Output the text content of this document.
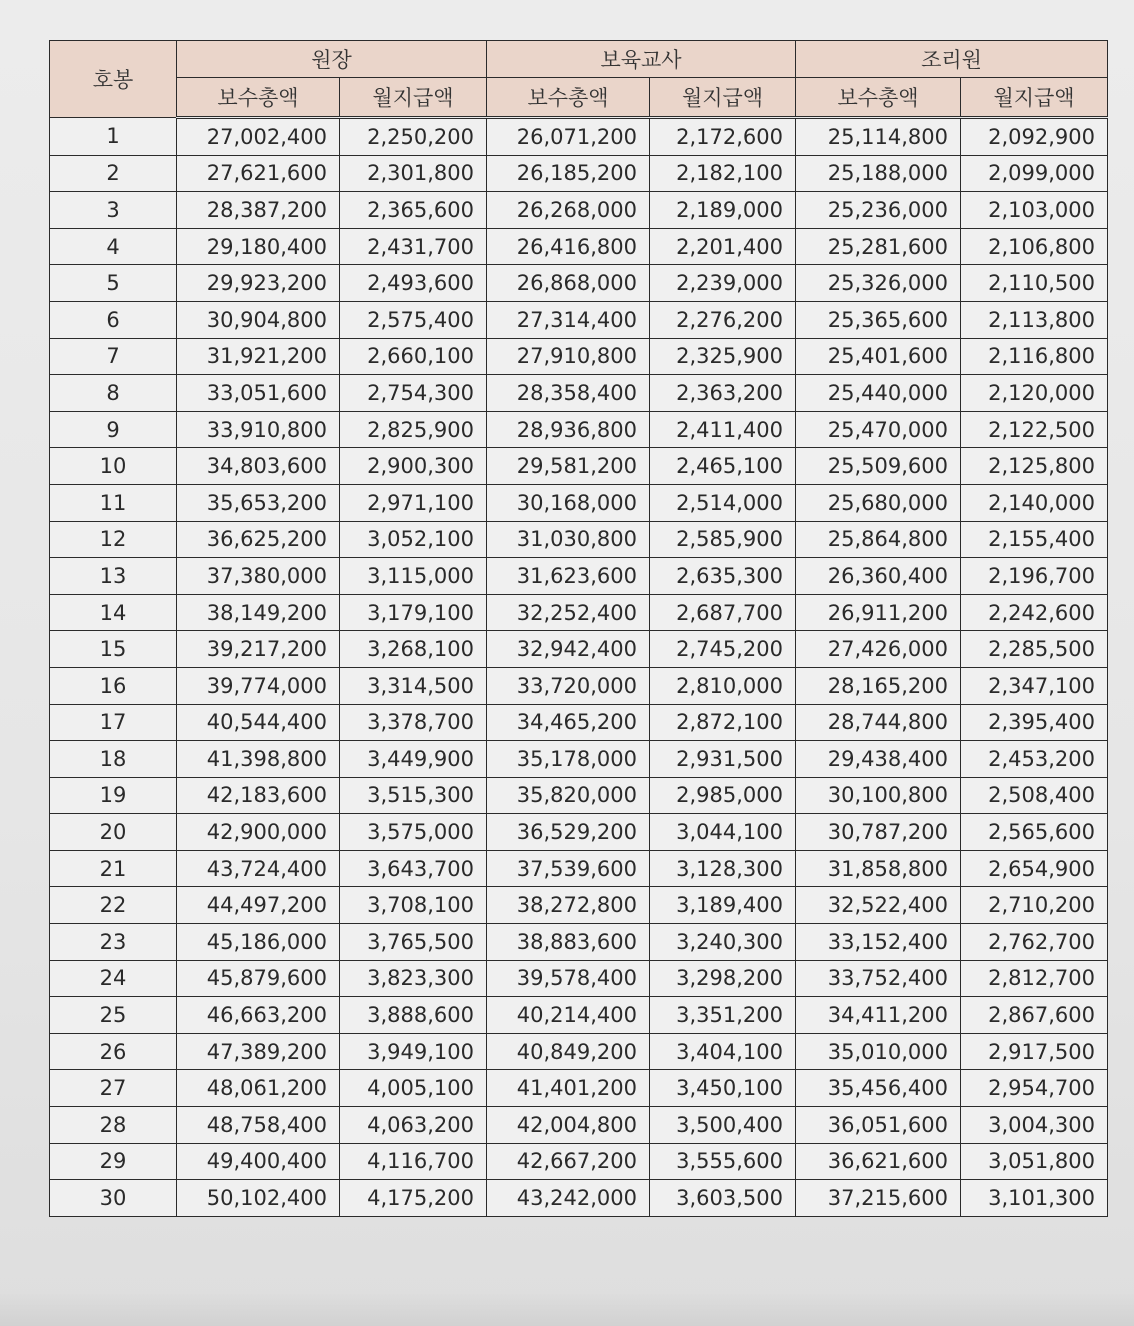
호봉	원장		보육교사		조리원	
	보수총액	월지급액	보수총액	월지급액	보수총액	월지급액
1	27,002,400	2,250,200	26,071,200	2,172,600	25,114,800	2,092,900
2	27,621,600	2,301,800	26,185,200	2,182,100	25,188,000	2,099,000
3	28,387,200	2,365,600	26,268,000	2,189,000	25,236,000	2,103,000
4	29,180,400	2,431,700	26,416,800	2,201,400	25,281,600	2,106,800
5	29,923,200	2,493,600	26,868,000	2,239,000	25,326,000	2,110,500
6	30,904,800	2,575,400	27,314,400	2,276,200	25,365,600	2,113,800
7	31,921,200	2,660,100	27,910,800	2,325,900	25,401,600	2,116,800
8	33,051,600	2,754,300	28,358,400	2,363,200	25,440,000	2,120,000
9	33,910,800	2,825,900	28,936,800	2,411,400	25,470,000	2,122,500
10	34,803,600	2,900,300	29,581,200	2,465,100	25,509,600	2,125,800
11	35,653,200	2,971,100	30,168,000	2,514,000	25,680,000	2,140,000
12	36,625,200	3,052,100	31,030,800	2,585,900	25,864,800	2,155,400
13	37,380,000	3,115,000	31,623,600	2,635,300	26,360,400	2,196,700
14	38,149,200	3,179,100	32,252,400	2,687,700	26,911,200	2,242,600
15	39,217,200	3,268,100	32,942,400	2,745,200	27,426,000	2,285,500
16	39,774,000	3,314,500	33,720,000	2,810,000	28,165,200	2,347,100
17	40,544,400	3,378,700	34,465,200	2,872,100	28,744,800	2,395,400
18	41,398,800	3,449,900	35,178,000	2,931,500	29,438,400	2,453,200
19	42,183,600	3,515,300	35,820,000	2,985,000	30,100,800	2,508,400
20	42,900,000	3,575,000	36,529,200	3,044,100	30,787,200	2,565,600
21	43,724,400	3,643,700	37,539,600	3,128,300	31,858,800	2,654,900
22	44,497,200	3,708,100	38,272,800	3,189,400	32,522,400	2,710,200
23	45,186,000	3,765,500	38,883,600	3,240,300	33,152,400	2,762,700
24	45,879,600	3,823,300	39,578,400	3,298,200	33,752,400	2,812,700
25	46,663,200	3,888,600	40,214,400	3,351,200	34,411,200	2,867,600
26	47,389,200	3,949,100	40,849,200	3,404,100	35,010,000	2,917,500
27	48,061,200	4,005,100	41,401,200	3,450,100	35,456,400	2,954,700
28	48,758,400	4,063,200	42,004,800	3,500,400	36,051,600	3,004,300
29	49,400,400	4,116,700	42,667,200	3,555,600	36,621,600	3,051,800
30	50,102,400	4,175,200	43,242,000	3,603,500	37,215,600	3,101,300
